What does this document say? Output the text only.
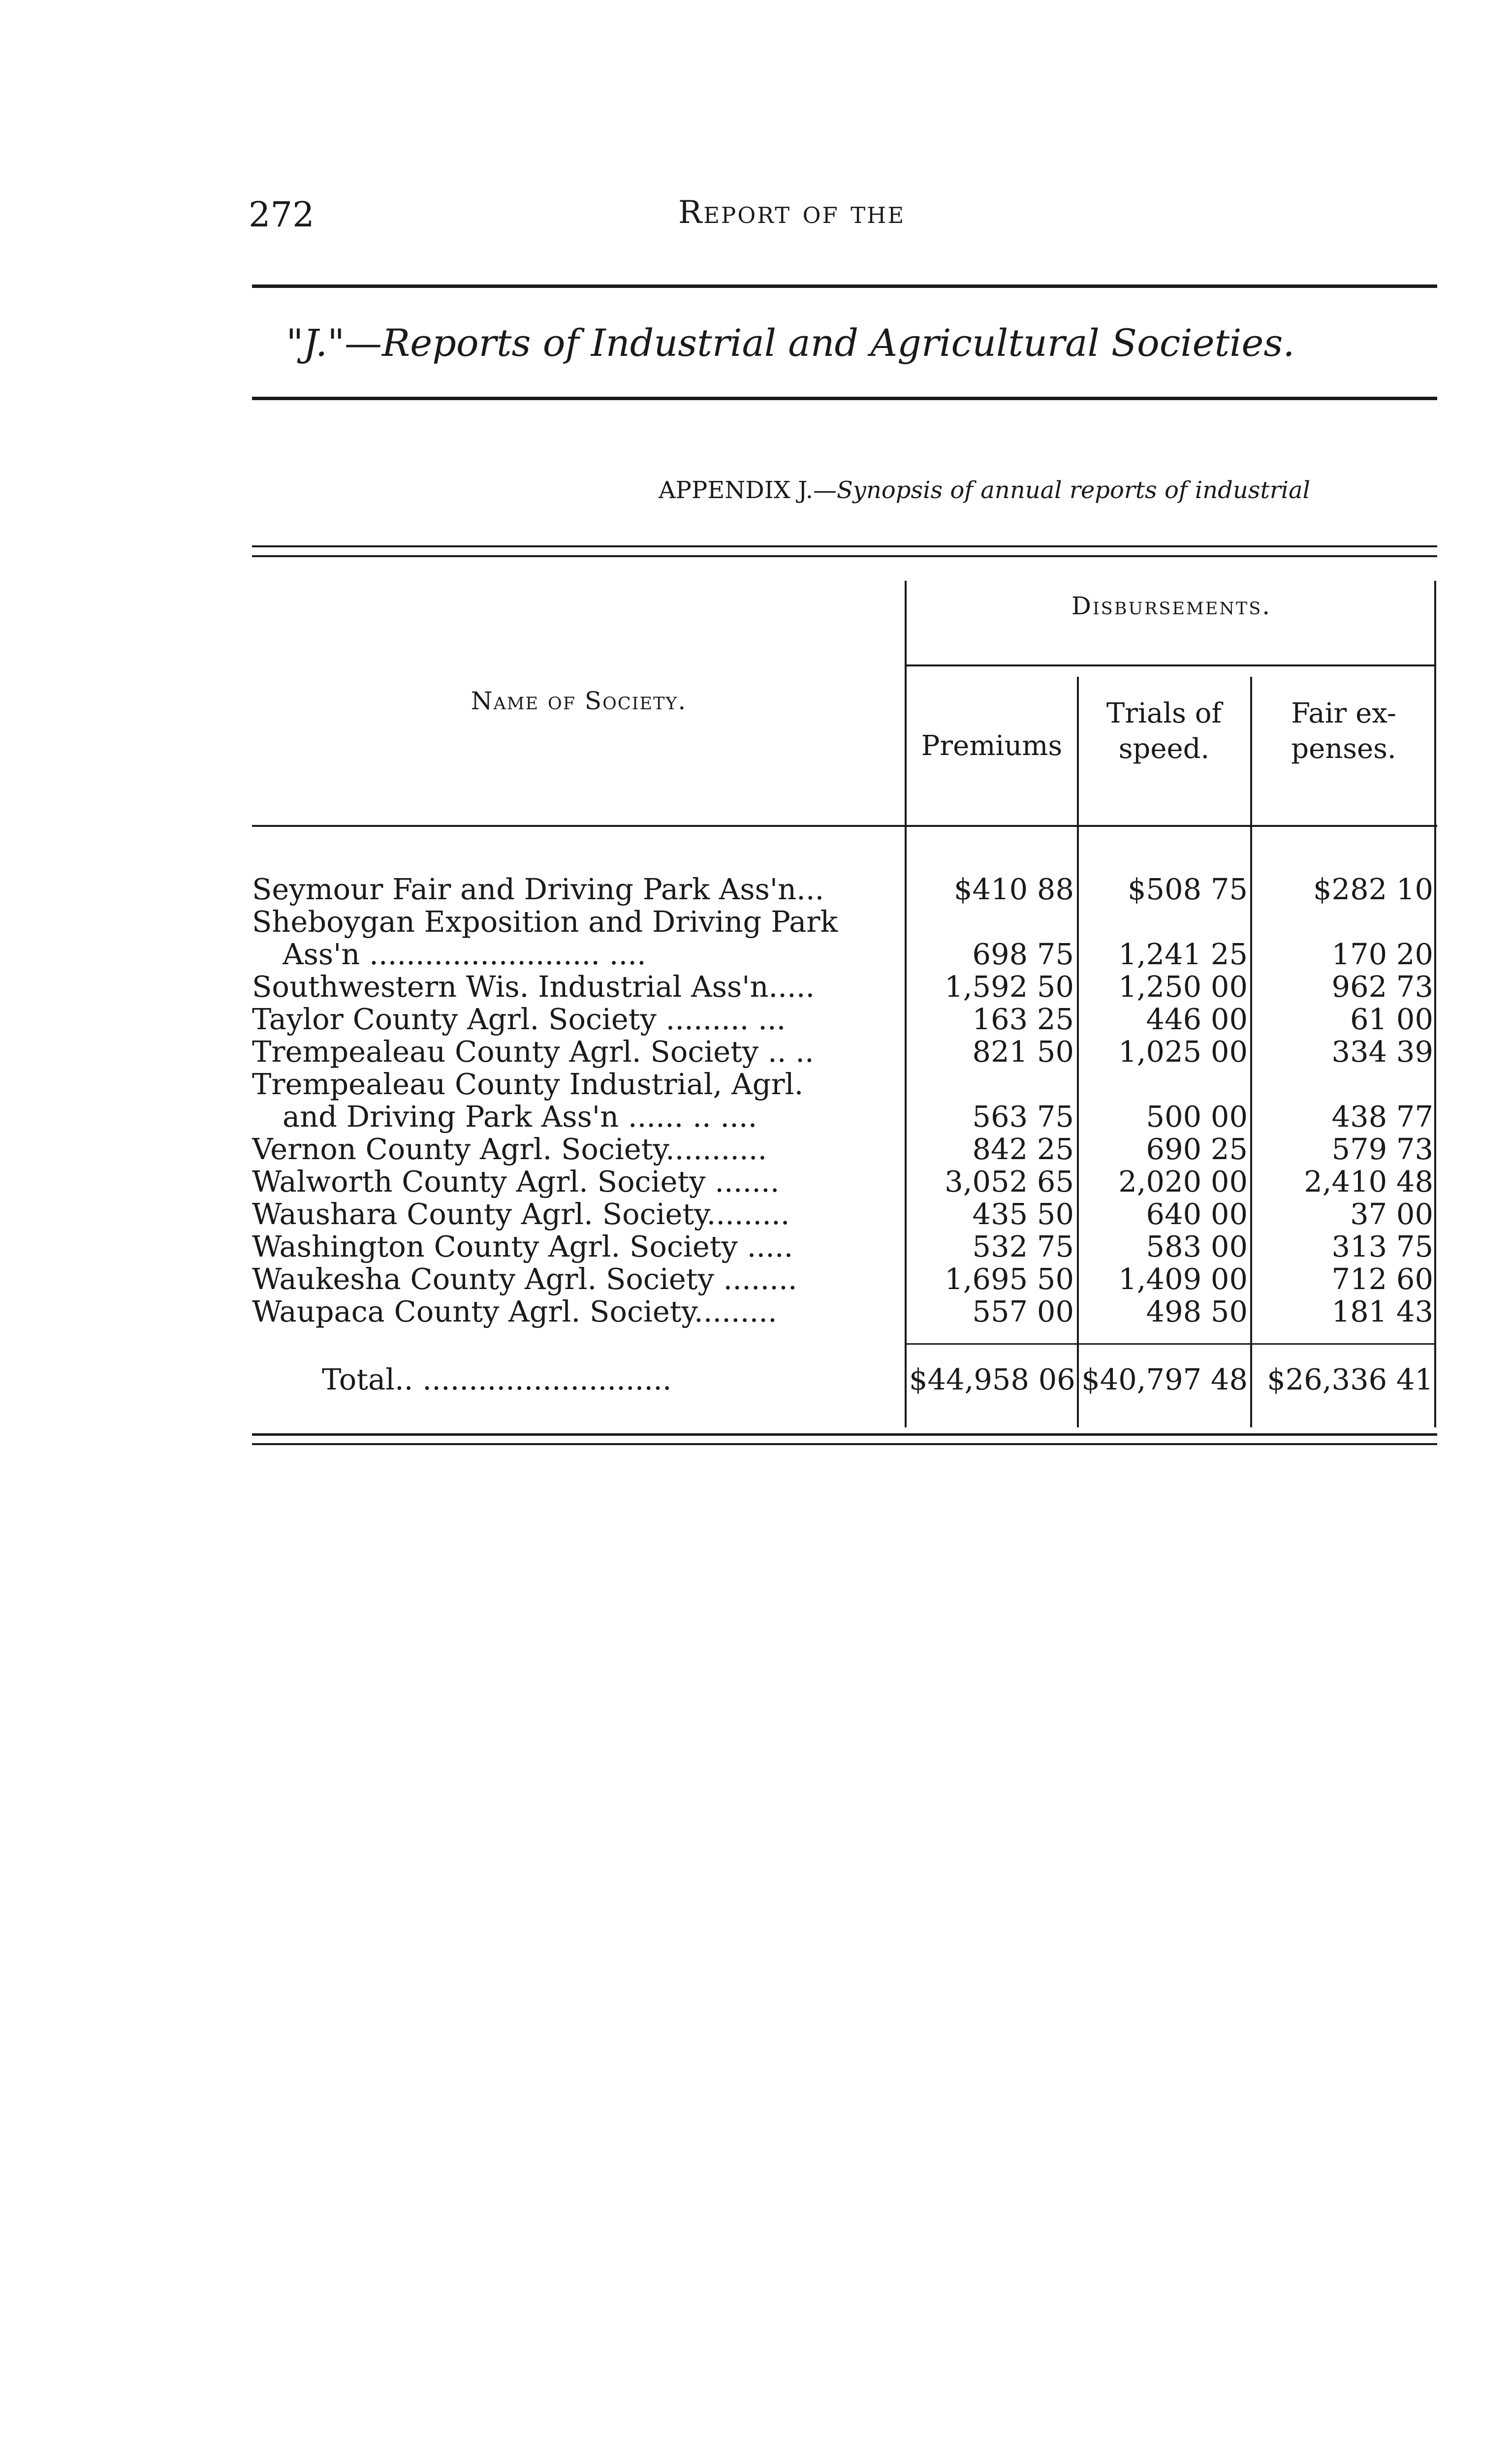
272	Report of the
"J."—Reports of Industrial and Agricultural Societies.
APPENDIX J.—Synopsis of annual reports of industrial
Disbursements.
Name of Society.
Premiums
Trials of
speed.
Fair ex-
penses.
Seymour Fair and Driving Park Ass'n...	$410 88	$508 75	$282 10
Sheboygan Exposition and Driving Park
Ass'n ......................... ....	698 75	1,241 25	170 20
Southwestern Wis. Industrial Ass'n.....	1,592 50	1,250 00	962 73
Taylor County Agrl. Society ......... ...	163 25	446 00	61 00
Trempealeau County Agrl. Society .. ..	821 50	1,025 00	334 39
Trempealeau County Industrial, Agrl.
and Driving Park Ass'n ...... .. ....	563 75	500 00	438 77
Vernon County Agrl. Society...........	842 25	690 25	579 73
Walworth County Agrl. Society .......	3,052 65	2,020 00	2,410 48
Waushara County Agrl. Society.........	435 50	640 00	37 00
Washington County Agrl. Society .....	532 75	583 00	313 75
Waukesha County Agrl. Society ........	1,695 50	1,409 00	712 60
Waupaca County Agrl. Society.........	557 00	498 50	181 43
Total.. ...........................	$44,958 06 $40,797 48 $26,336 41
